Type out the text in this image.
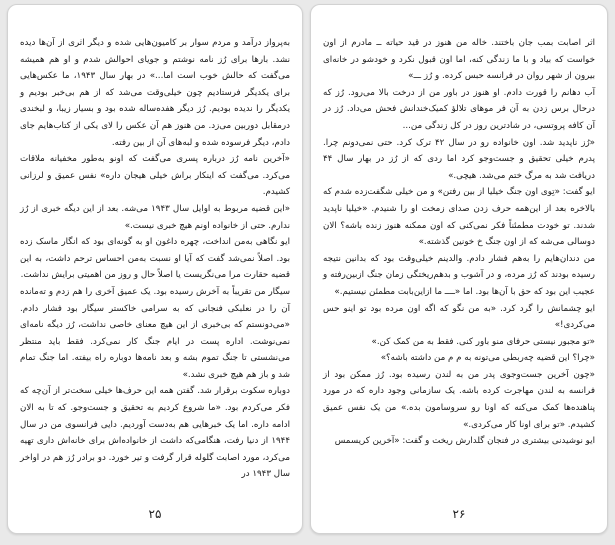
به‌پرواز درآمد و مردم سوار بر کامیون‌هایی شده و دیگر اثری از آن‌ها دیده نشد. بارها برای رُز نامه نوشتم و جویای احوالش شدم و او هم همیشه می‌گفت که حالش خوب است اما...» در بهار سال ۱۹۴۳، ما عکس‌هایی برای یکدیگر فرستادیم چون خیلی‌وقت می‌شد که از هم بی‌خبر بودیم و یکدیگر را ندیده بودیم. رُز دیگر هفده‌ساله شده بود و بسیار زیبا، و لبخندی درمقابل دوربین می‌زد. من هنوز هم آن عکس را لای یکی از کتاب‌هایم جای دادم، دیگر فرسوده شده و لبه‌های آن از بین رفته.

«آخرین نامه رُز درباره پسری می‌گفت که اونو به‌طور مخفیانه ملاقات می‌کرد. می‌گفت که اینکار براش خیلی هیجان داره» نفس عمیق و لرزانی کشیدم.

«این قضیه مربوط به اوایل سال ۱۹۴۳ می‌شه. بعد از این دیگه خبری از رُز ندارم. حتی از خانواده اونم هیچ خبری نیست.»

ایو نگاهی به‌من انداخت، چهره داغون او به گونه‌ای بود که انگار ماسک زده بود. اصلاً نمی‌شد گفت که آیا او نسبت به‌من احساس ترحم داشت، به این قضیه حقارت مرا می‌نگریست یا اصلاً حال و روز من اهمیتی برایش نداشت.

سیگار من تقریباً به آخرش رسیده بود. یک عمیق آخری را هم زدم و ته‌مانده آن را در نعلبکی فنجانی که به سرامی خاکستر سیگار بود فشار دادم. «می‌دونستم که بی‌خبری از این هیچ معنای خاصی نداشت، رُز دیگه نامه‌ای نمی‌نوشت. اداره پست در ایام جنگ کار نمی‌کرد. فقط باید منتظر می‌نشستی تا جنگ تموم بشه و بعد نامه‌ها دوباره راه بیفته. اما جنگ تمام شد و باز هم هیچ خبری نشد.»

دوباره سکوت برقرار شد. گفتن همه این حرف‌ها خیلی سخت‌تر از آن‌چه که فکر می‌کردم بود. «ما شروع کردیم به تحقیق و جست‌وجو. که تا به الان ادامه داره. اما یک خبرهایی هم به‌دست آوردیم. دایی فرانسوی من در سال ۱۹۴۴ از دنیا رفت، هنگامی‌که داشت از خانواده‌اش برای خانه‌اش داری تهیه می‌کرد، مورد اصابت گلوله قرار گرفت و تیر خورد. دو برادر رُز هم در اواخر سال ۱۹۴۳ در

۲۵

اثر اصابت بمب جان باختند. خاله من هنوز در قید حیاته ــ مادرم از اون خواست که بیاد و با ما زندگی کنه، اما اون قبول نکرد و خودشو در خانه‌ای بیرون از شهر روان در فرانسه حبس کرده. و رُز ـــ»

آب دهانم را قورت دادم. او هنوز در باور من از درخت بالا می‌رود. رُز که درحال برس زدن به آن فر موهای تلالؤ کمیک‌خندانش فحش می‌داد. رُز در آن کافه پروتسی، در شادترین روز در کل زندگی من...

«رُز ناپدید شد. اون خانواده رو در سال ۴۲ ترک کرد. حتی نمی‌دونم چرا. پدرم خیلی تحقیق و جست‌وجو کرد اما ردی که از رُز در بهار سال ۴۴ دریافت شد به مرگ ختم می‌شد. هیچی.»

ایو گفت: «تِوی اون جنگ خیلیا از بین رفتن» و من خیلی شگفت‌زده شدم که بالاخره بعد از این‌همه حرف زدن صدای زمخت او را شنیدم. «خیلیا ناپدید شدند. تو خودت مطمئناً فکر نمی‌کنی که اون ممکنه هنوز زنده باشه؟ الان دوسالی می‌شه که از اون جنگ خ خونین گذشته.»

من دندان‌هایم را به‌هم فشار دادم. والدینم خیلی‌وقت بود که بدانین نتیجه رسیده بودند که رُز مرده، و در آشوب و بدهم‌ریختگی زمان جنگ ازبین‌رفته و عجیب این بود که حق با آن‌ها بود. اما «ــــ ما ازاین‌بابت مطمئن نیستیم.»

ایو چشمانش را گرد کرد. «به من نگو که اگه اون مرده بود تو اینو حس می‌کردی!»

«تو مجبور نیستی حرفای منو باور کنی. فقط به من کمک کن.»

«چرا؟ این قضیه چه‌ربطی می‌تونه به م م من داشته باشه؟»

«چون آخرین جست‌وجوی پدر من به لندن رسیده بود. رُز ممکن بود از فرانسه به لندن مهاجرت کرده باشه. یک سازمانی وجود داره که در مورد پناهنده‌ها کمک می‌کنه که اونا رو سروسامون بده.» من یک نفس عمیق کشیدم. «تو برای اونا کار می‌کردی.»

ایو نوشیدنی بیشتری در فنجان گلدارش ریخت و گفت: «آخرین کریسمس

۲۶
